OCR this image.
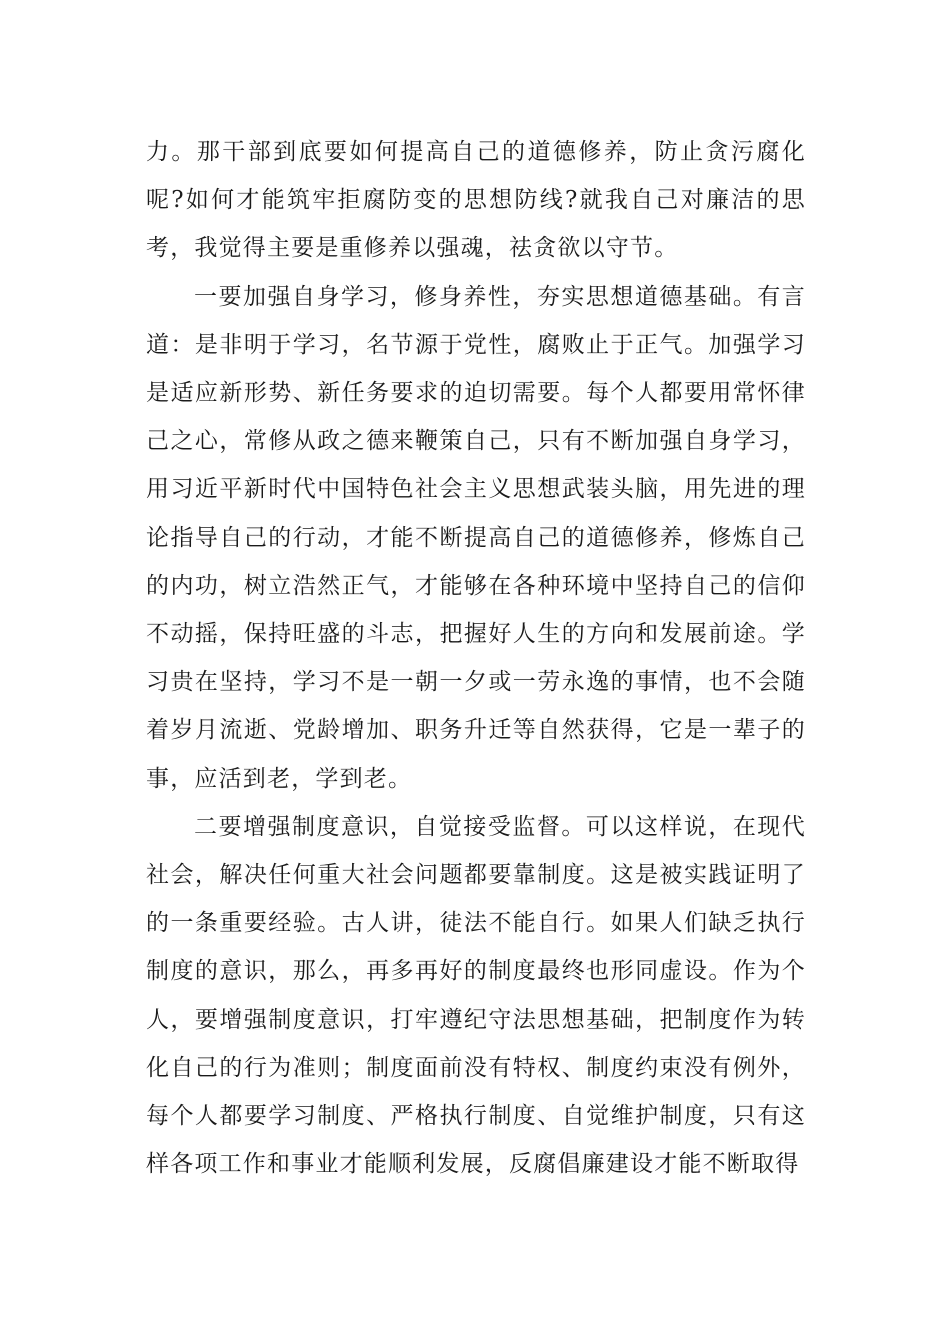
力。那干部到底要如何提高自己的道德修养，防止贪污腐化呢?如何才能筑牢拒腐防变的思想防线?就我自己对廉洁的思考，我觉得主要是重修养以强魂，祛贪欲以守节。

一要加强自身学习，修身养性，夯实思想道德基础。有言道：是非明于学习，名节源于党性，腐败止于正气。加强学习是适应新形势、新任务要求的迫切需要。每个人都要用常怀律己之心，常修从政之德来鞭策自己，只有不断加强自身学习，用习近平新时代中国特色社会主义思想武装头脑，用先进的理论指导自己的行动，才能不断提高自己的道德修养，修炼自己的内功，树立浩然正气，才能够在各种环境中坚持自己的信仰不动摇，保持旺盛的斗志，把握好人生的方向和发展前途。学习贵在坚持，学习不是一朝一夕或一劳永逸的事情，也不会随着岁月流逝、党龄增加、职务升迁等自然获得，它是一辈子的事，应活到老，学到老。

二要增强制度意识，自觉接受监督。可以这样说，在现代社会，解决任何重大社会问题都要靠制度。这是被实践证明了的一条重要经验。古人讲，徒法不能自行。如果人们缺乏执行制度的意识，那么，再多再好的制度最终也形同虚设。作为个人，要增强制度意识，打牢遵纪守法思想基础，把制度作为转化自己的行为准则；制度面前没有特权、制度约束没有例外，每个人都要学习制度、严格执行制度、自觉维护制度，只有这样各项工作和事业才能顺利发展，反腐倡廉建设才能不断取得
